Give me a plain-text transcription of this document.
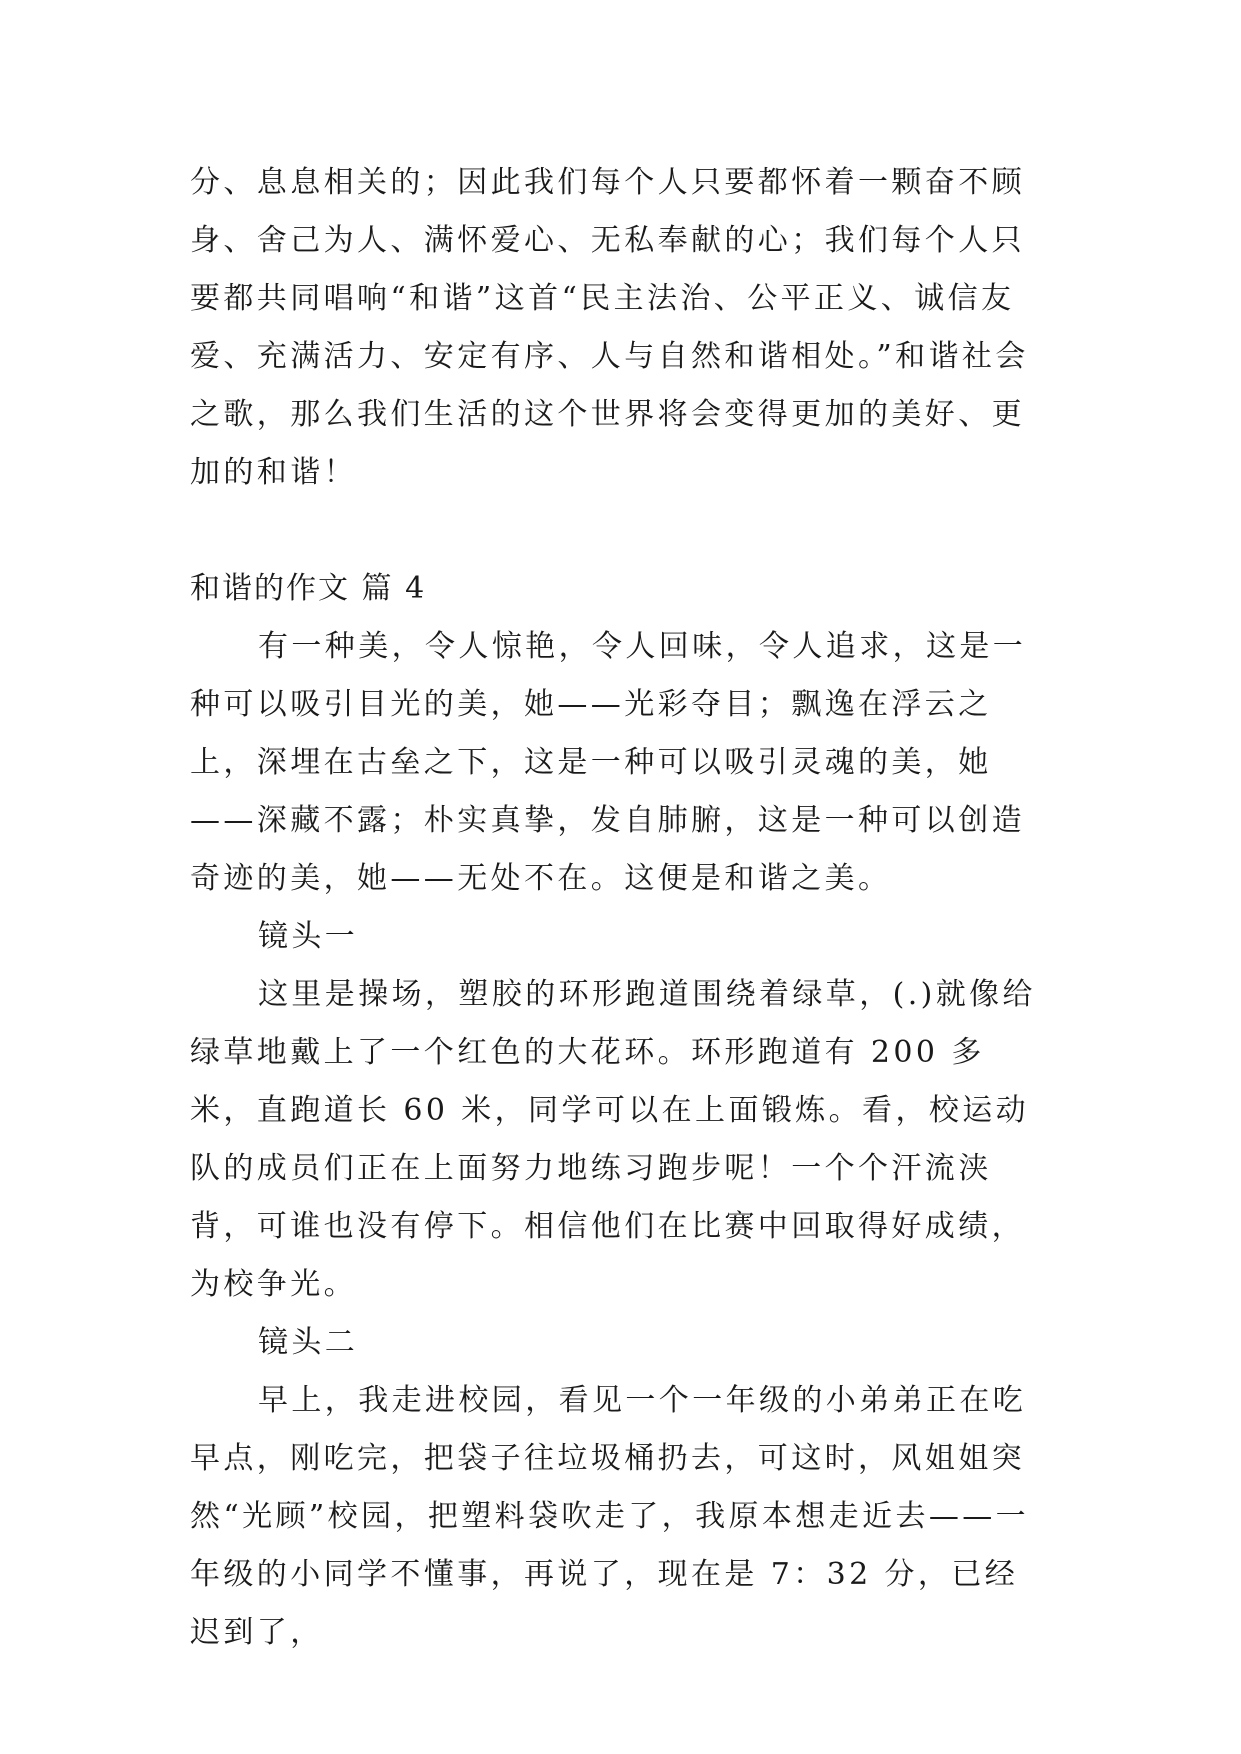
分、息息相关的；因此我们每个人只要都怀着一颗奋不顾身、舍己为人、满怀爱心、无私奉献的心；我们每个人只要都共同唱响“和谐”这首“民主法治、公平正义、诚信友爱、充满活力、安定有序、人与自然和谐相处。”和谐社会之歌，那么我们生活的这个世界将会变得更加的美好、更加的和谐！

和谐的作文 篇 4

有一种美，令人惊艳，令人回味，令人追求，这是一种可以吸引目光的美，她——光彩夺目；飘逸在浮云之上，深埋在古垒之下，这是一种可以吸引灵魂的美，她——深藏不露；朴实真挚，发自肺腑，这是一种可以创造奇迹的美，她——无处不在。这便是和谐之美。

镜头一

这里是操场，塑胶的环形跑道围绕着绿草，(.)就像给绿草地戴上了一个红色的大花环。环形跑道有 200 多米，直跑道长 60 米，同学可以在上面锻炼。看，校运动队的成员们正在上面努力地练习跑步呢！一个个汗流浃背，可谁也没有停下。相信他们在比赛中回取得好成绩，为校争光。

镜头二

早上，我走进校园，看见一个一年级的小弟弟正在吃早点，刚吃完，把袋子往垃圾桶扔去，可这时，风姐姐突然“光顾”校园，把塑料袋吹走了，我原本想走近去——一年级的小同学不懂事，再说了，现在是 7：32 分，已经迟到了，
